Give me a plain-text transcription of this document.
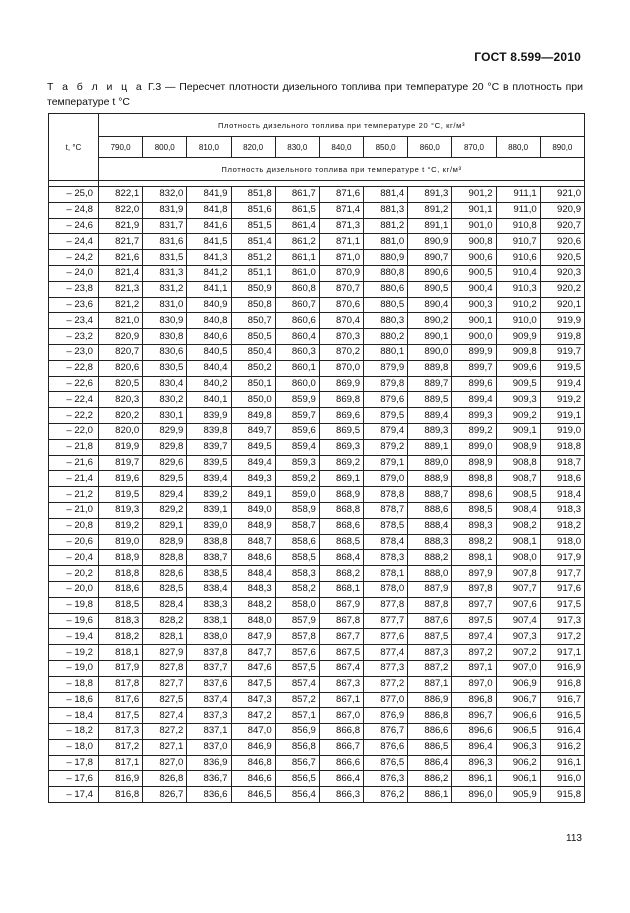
ГОСТ 8.599—2010
Т а б л и ц а Г.3 — Пересчет плотности дизельного топлива при температуре 20 °С в плотность при температуре t °С
t, °С	Плотность дизельного топлива при температуре 20 °С, кг/м³										
	790,0	800,0	810,0	820,0	830,0	840,0	850,0	860,0	870,0	880,0	890,0
	Плотность дизельного топлива при температуре t °С, кг/м³										

– 25,0	822,1	832,0	841,9	851,8	861,7	871,6	881,4	891,3	901,2	911,1	921,0
– 24,8	822,0	831,9	841,8	851,6	861,5	871,4	881,3	891,2	901,1	911,0	920,9
– 24,6	821,9	831,7	841,6	851,5	861,4	871,3	881,2	891,1	901,0	910,8	920,7
– 24,4	821,7	831,6	841,5	851,4	861,2	871,1	881,0	890,9	900,8	910,7	920,6
– 24,2	821,6	831,5	841,3	851,2	861,1	871,0	880,9	890,7	900,6	910,6	920,5
– 24,0	821,4	831,3	841,2	851,1	861,0	870,9	880,8	890,6	900,5	910,4	920,3
– 23,8	821,3	831,2	841,1	850,9	860,8	870,7	880,6	890,5	900,4	910,3	920,2
– 23,6	821,2	831,0	840,9	850,8	860,7	870,6	880,5	890,4	900,3	910,2	920,1
– 23,4	821,0	830,9	840,8	850,7	860,6	870,4	880,3	890,2	900,1	910,0	919,9
– 23,2	820,9	830,8	840,6	850,5	860,4	870,3	880,2	890,1	900,0	909,9	919,8
– 23,0	820,7	830,6	840,5	850,4	860,3	870,2	880,1	890,0	899,9	909,8	919,7
– 22,8	820,6	830,5	840,4	850,2	860,1	870,0	879,9	889,8	899,7	909,6	919,5
– 22,6	820,5	830,4	840,2	850,1	860,0	869,9	879,8	889,7	899,6	909,5	919,4
– 22,4	820,3	830,2	840,1	850,0	859,9	869,8	879,6	889,5	899,4	909,3	919,2
– 22,2	820,2	830,1	839,9	849,8	859,7	869,6	879,5	889,4	899,3	909,2	919,1
– 22,0	820,0	829,9	839,8	849,7	859,6	869,5	879,4	889,3	899,2	909,1	919,0
– 21,8	819,9	829,8	839,7	849,5	859,4	869,3	879,2	889,1	899,0	908,9	918,8
– 21,6	819,7	829,6	839,5	849,4	859,3	869,2	879,1	889,0	898,9	908,8	918,7
– 21,4	819,6	829,5	839,4	849,3	859,2	869,1	879,0	888,9	898,8	908,7	918,6
– 21,2	819,5	829,4	839,2	849,1	859,0	868,9	878,8	888,7	898,6	908,5	918,4
– 21,0	819,3	829,2	839,1	849,0	858,9	868,8	878,7	888,6	898,5	908,4	918,3
– 20,8	819,2	829,1	839,0	848,9	858,7	868,6	878,5	888,4	898,3	908,2	918,2
– 20,6	819,0	828,9	838,8	848,7	858,6	868,5	878,4	888,3	898,2	908,1	918,0
– 20,4	818,9	828,8	838,7	848,6	858,5	868,4	878,3	888,2	898,1	908,0	917,9
– 20,2	818,8	828,6	838,5	848,4	858,3	868,2	878,1	888,0	897,9	907,8	917,7
– 20,0	818,6	828,5	838,4	848,3	858,2	868,1	878,0	887,9	897,8	907,7	917,6
– 19,8	818,5	828,4	838,3	848,2	858,0	867,9	877,8	887,8	897,7	907,6	917,5
– 19,6	818,3	828,2	838,1	848,0	857,9	867,8	877,7	887,6	897,5	907,4	917,3
– 19,4	818,2	828,1	838,0	847,9	857,8	867,7	877,6	887,5	897,4	907,3	917,2
– 19,2	818,1	827,9	837,8	847,7	857,6	867,5	877,4	887,3	897,2	907,2	917,1
– 19,0	817,9	827,8	837,7	847,6	857,5	867,4	877,3	887,2	897,1	907,0	916,9
– 18,8	817,8	827,7	837,6	847,5	857,4	867,3	877,2	887,1	897,0	906,9	916,8
– 18,6	817,6	827,5	837,4	847,3	857,2	867,1	877,0	886,9	896,8	906,7	916,7
– 18,4	817,5	827,4	837,3	847,2	857,1	867,0	876,9	886,8	896,7	906,6	916,5
– 18,2	817,3	827,2	837,1	847,0	856,9	866,8	876,7	886,6	896,6	906,5	916,4
– 18,0	817,2	827,1	837,0	846,9	856,8	866,7	876,6	886,5	896,4	906,3	916,2
– 17,8	817,1	827,0	836,9	846,8	856,7	866,6	876,5	886,4	896,3	906,2	916,1
– 17,6	816,9	826,8	836,7	846,6	856,5	866,4	876,3	886,2	896,1	906,1	916,0
– 17,4	816,8	826,7	836,6	846,5	856,4	866,3	876,2	886,1	896,0	905,9	915,8
113
